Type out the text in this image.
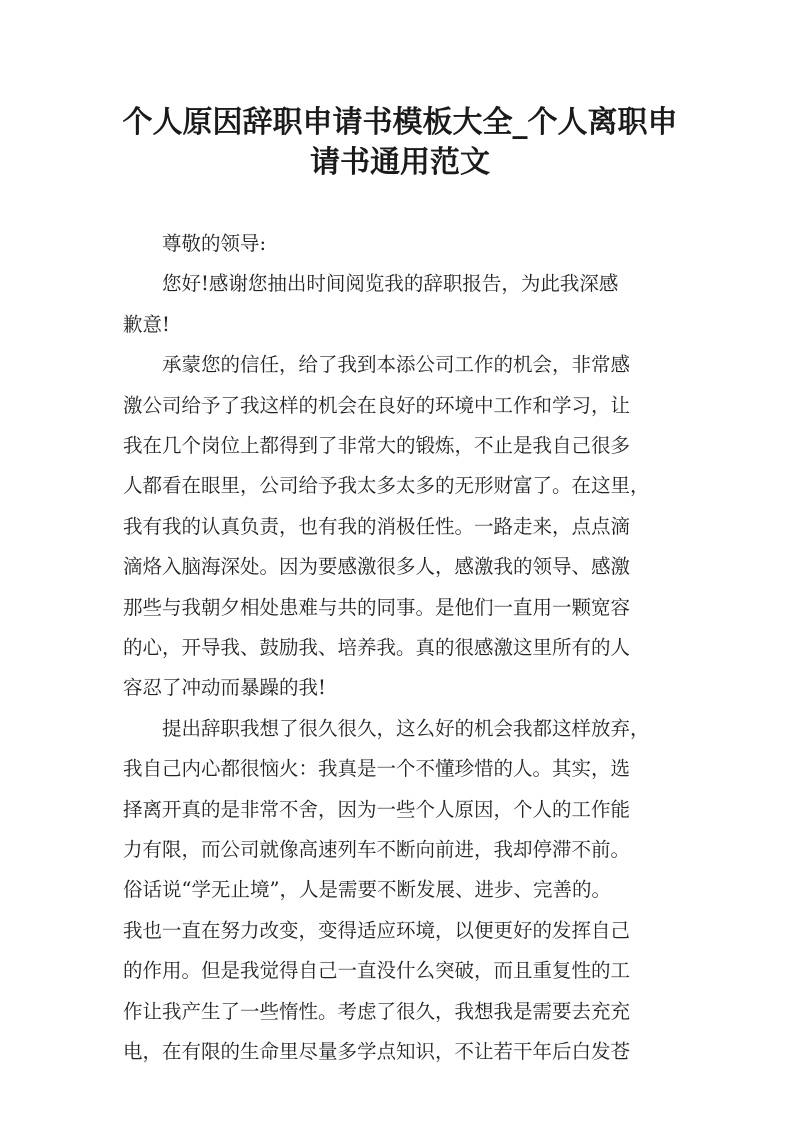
个人原因辞职申请书模板大全_个人离职申
请书通用范文
尊敬的领导:
您好!感谢您抽出时间阅览我的辞职报告，为此我深感
歉意!
承蒙您的信任，给了我到本添公司工作的机会，非常感
激公司给予了我这样的机会在良好的环境中工作和学习，让
我在几个岗位上都得到了非常大的锻炼，不止是我自己很多
人都看在眼里，公司给予我太多太多的无形财富了。在这里，
我有我的认真负责，也有我的消极任性。一路走来，点点滴
滴烙入脑海深处。因为要感激很多人，感激我的领导、感激
那些与我朝夕相处患难与共的同事。是他们一直用一颗宽容
的心，开导我、鼓励我、培养我。真的很感激这里所有的人
容忍了冲动而暴躁的我!
提出辞职我想了很久很久，这么好的机会我都这样放弃，
我自己内心都很恼火：我真是一个不懂珍惜的人。其实，选
择离开真的是非常不舍，因为一些个人原因，个人的工作能
力有限，而公司就像高速列车不断向前进，我却停滞不前。
俗话说“学无止境”，人是需要不断发展、进步、完善的。
我也一直在努力改变，变得适应环境，以便更好的发挥自己
的作用。但是我觉得自己一直没什么突破，而且重复性的工
作让我产生了一些惰性。考虑了很久，我想我是需要去充充
电，在有限的生命里尽量多学点知识，不让若干年后白发苍
